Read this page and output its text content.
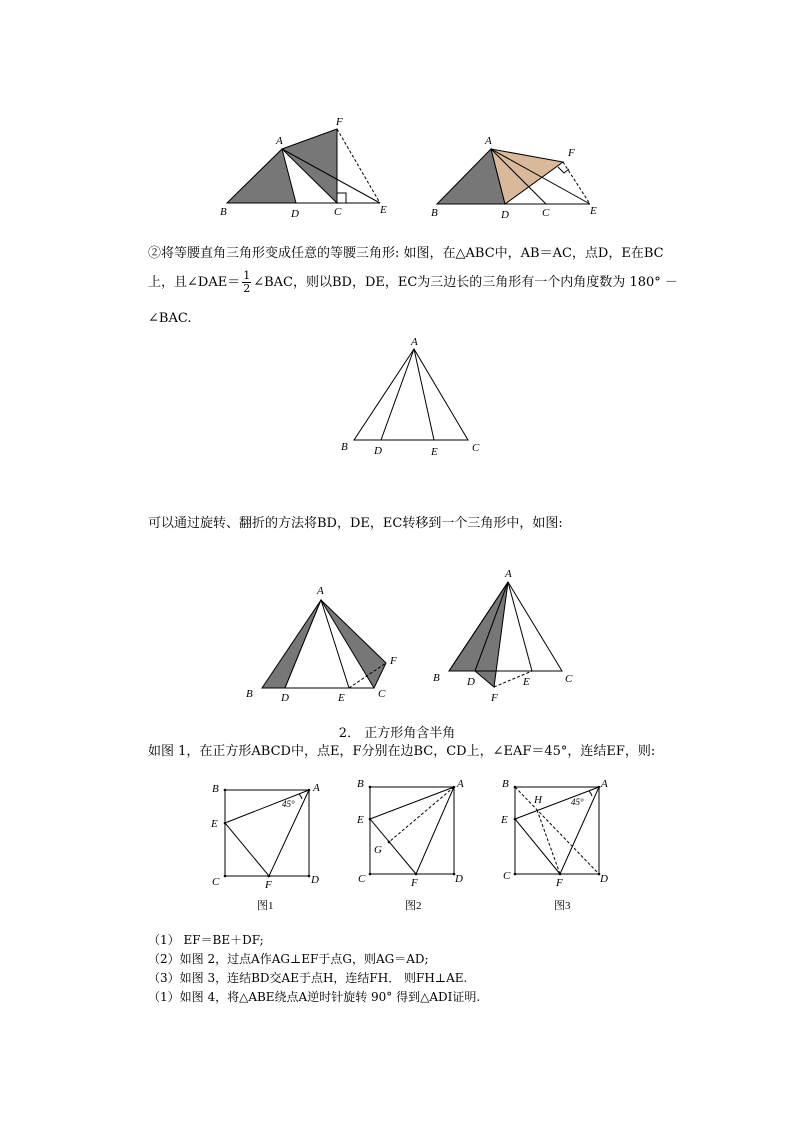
A
B	C
D	E
F
A
B	C
D	E
F
②将等腰直角三角形变成任意的等腰三角形: 如图，在△ABC中，AB＝AC，点D，E在BC
上，且∠DAE＝ $\frac{1}{2}$ ∠BAC，则以BD，DE，EC为三边长的三角形有一个内角度数为 180° －
∠BAC.
A
B	C
D	E
可以通过旋转、翻折的方法将BD，DE，EC转移到一个三角形中，如图:
A
B	C
D	E
F
A
B	C
D	E
F
2． 正方形角含半角
如图 1，在正方形ABCD中，点E，F分别在边BC，CD上，∠EAF＝45°，连结EF，则:
B	A
E
C	F	D
45°
图1
B	A
E
G
C	F	D
图2
B	A
H
E
45°
C
F	D
图3
（1） EF＝BE＋DF;
（2）如图 2，过点A作AG⊥EF于点G，则AG＝AD;
（3）如图 3，连结BD交AE于点H，连结FH． 则FH⊥AE.
（1）如图 4，将△ABE绕点A逆时针旋转 90° 得到△ADI证明.
